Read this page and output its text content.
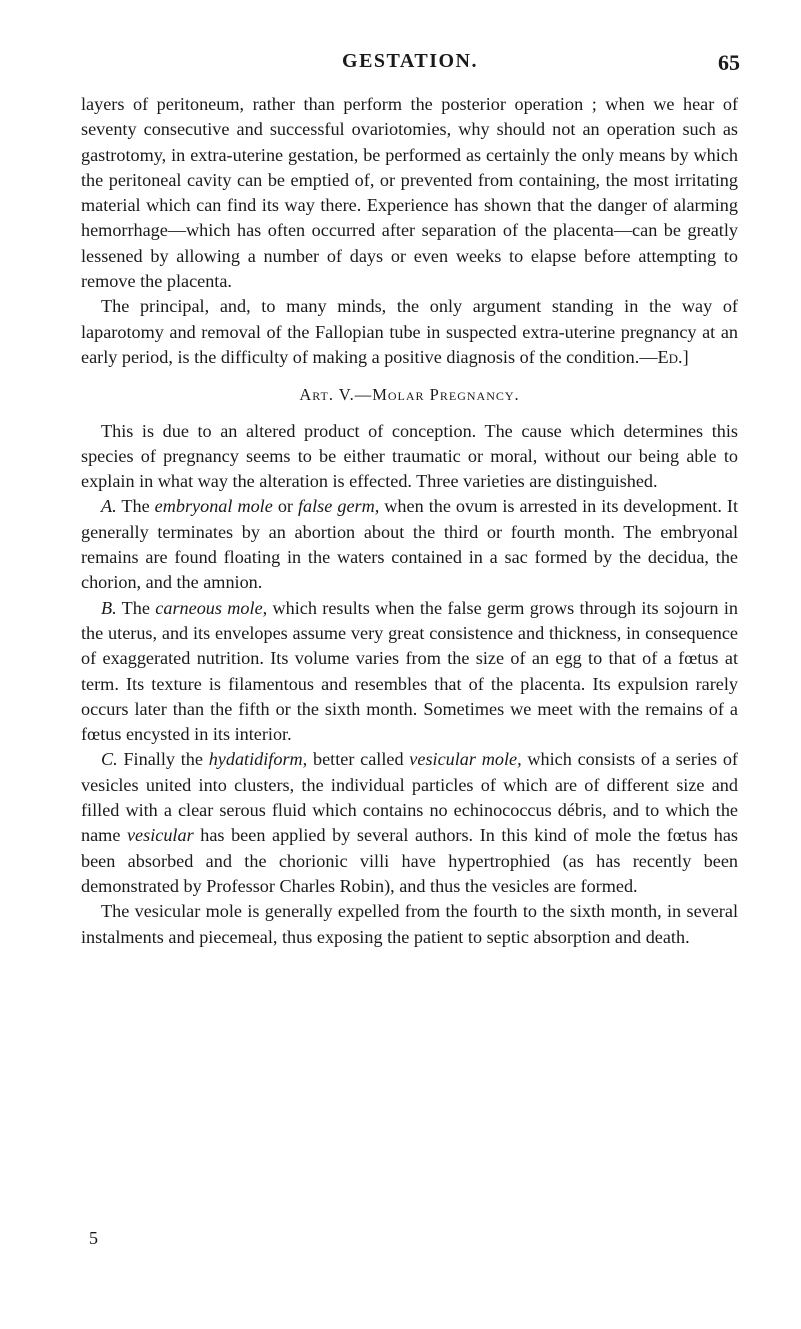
GESTATION.	65

layers of peritoneum, rather than perform the posterior operation ; when we hear of seventy consecutive and successful ovariotomies, why should not an operation such as gastrotomy, in extra-uterine gestation, be performed as certainly the only means by which the peritoneal cavity can be emptied of, or prevented from containing, the most irritating material which can find its way there. Experience has shown that the danger of alarming hemorrhage—which has often occurred after separation of the placenta—can be greatly lessened by allowing a number of days or even weeks to elapse before attempting to remove the placenta.

The principal, and, to many minds, the only argument standing in the way of laparotomy and removal of the Fallopian tube in suspected extra-uterine pregnancy at an early period, is the difficulty of making a positive diagnosis of the condition.—Ed.]

Art. V.—Molar Pregnancy.

This is due to an altered product of conception. The cause which determines this species of pregnancy seems to be either traumatic or moral, without our being able to explain in what way the alteration is effected. Three varieties are distinguished.

A. The embryonal mole or false germ, when the ovum is arrested in its development. It generally terminates by an abortion about the third or fourth month. The embryonal remains are found floating in the waters contained in a sac formed by the decidua, the chorion, and the amnion.

B. The carneous mole, which results when the false germ grows through its sojourn in the uterus, and its envelopes assume very great consistence and thickness, in consequence of exaggerated nutrition. Its volume varies from the size of an egg to that of a fœtus at term. Its texture is filamentous and resembles that of the placenta. Its expulsion rarely occurs later than the fifth or the sixth month. Sometimes we meet with the remains of a fœtus encysted in its interior.

C. Finally the hydatidiform, better called vesicular mole, which consists of a series of vesicles united into clusters, the individual particles of which are of different size and filled with a clear serous fluid which contains no echinococcus débris, and to which the name vesicular has been applied by several authors. In this kind of mole the fœtus has been absorbed and the chorionic villi have hypertrophied (as has recently been demonstrated by Professor Charles Robin), and thus the vesicles are formed.

The vesicular mole is generally expelled from the fourth to the sixth month, in several instalments and piecemeal, thus exposing the patient to septic absorption and death.

5
